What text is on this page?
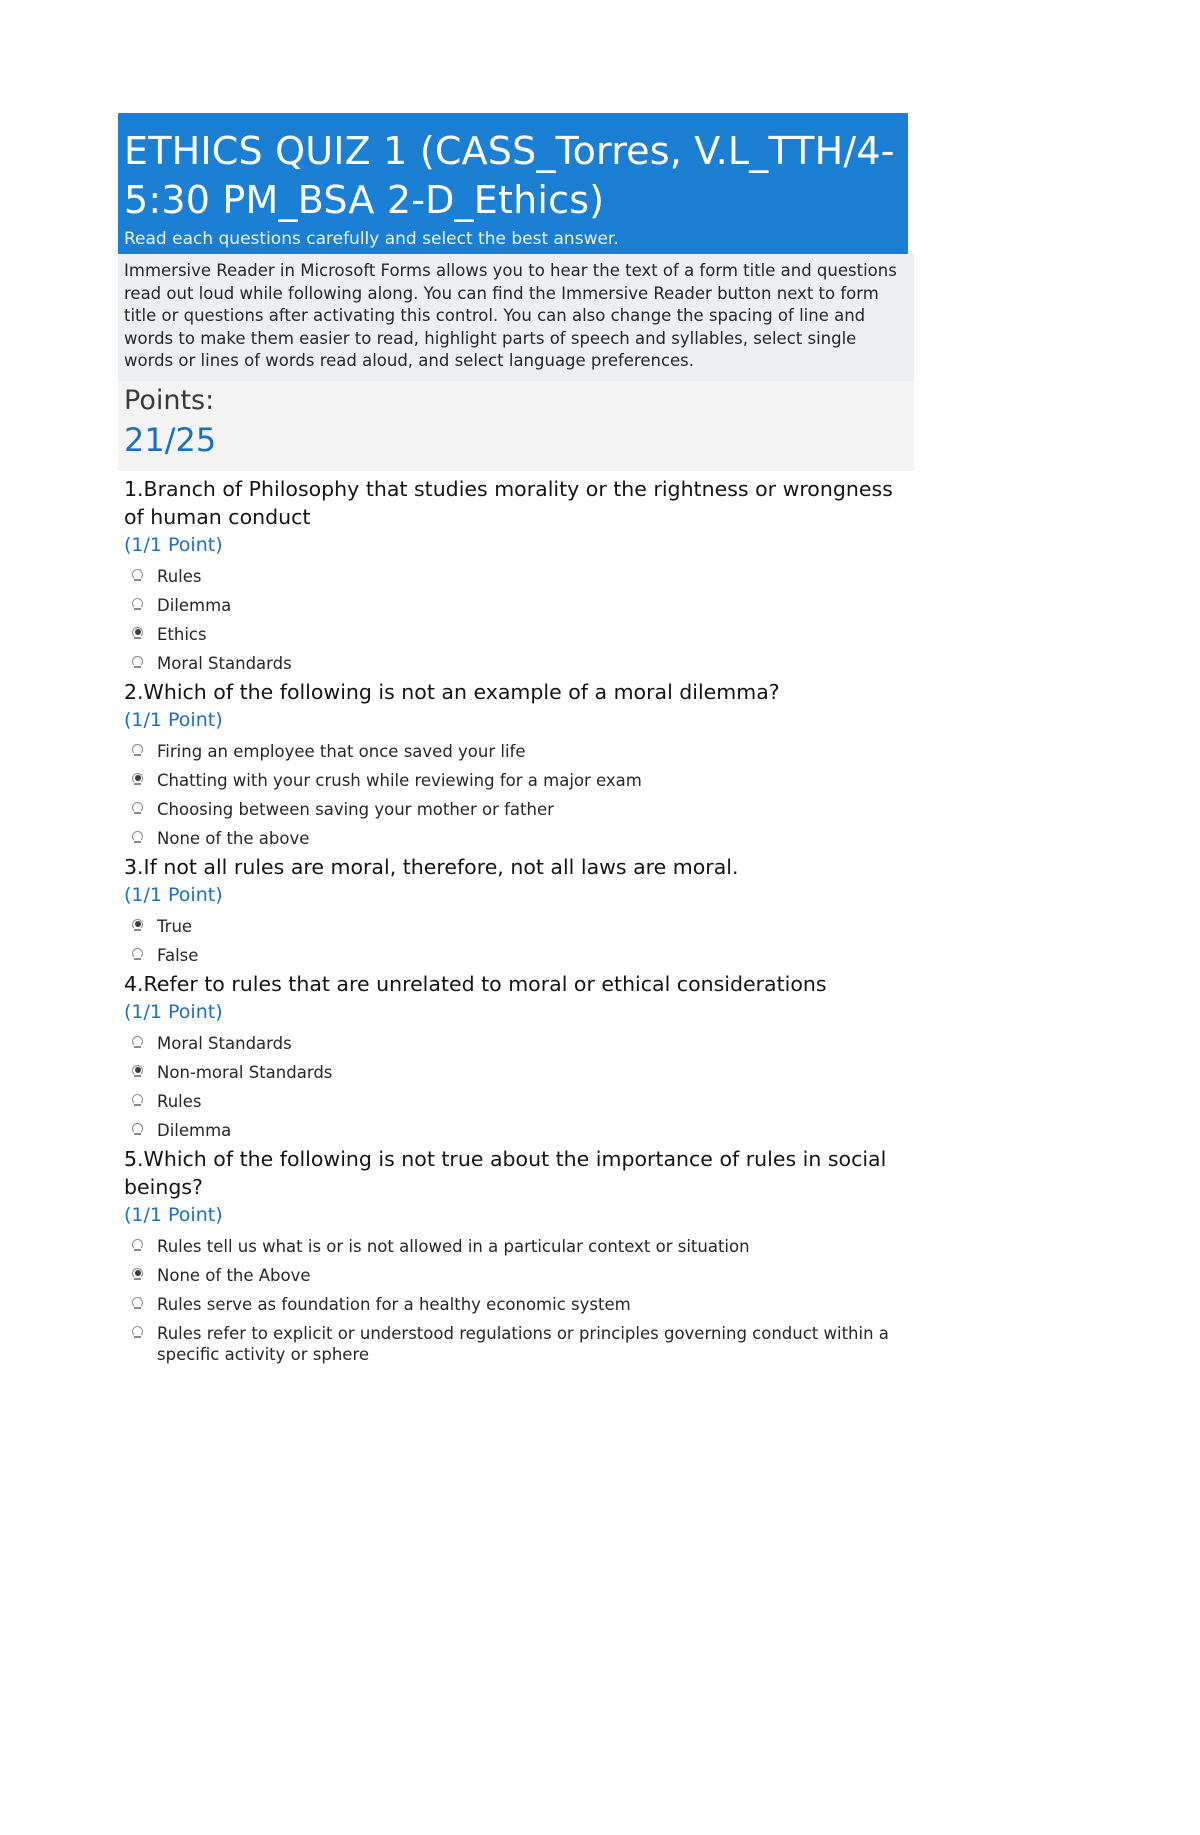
ETHICS QUIZ 1 (CASS_Torres, V.L_TTH/4-5:30 PM_BSA 2-D_Ethics)
Read each questions carefully and select the best answer.
Immersive Reader in Microsoft Forms allows you to hear the text of a form title and questions read out loud while following along. You can find the Immersive Reader button next to form title or questions after activating this control. You can also change the spacing of line and words to make them easier to read, highlight parts of speech and syllables, select single words or lines of words read aloud, and select language preferences.
Points:
21/25
1.Branch of Philosophy that studies morality or the rightness or wrongness of human conduct
(1/1 Point)
Rules
Dilemma
Ethics
Moral Standards
2.Which of the following is not an example of a moral dilemma?
(1/1 Point)
Firing an employee that once saved your life
Chatting with your crush while reviewing for a major exam
Choosing between saving your mother or father
None of the above
3.If not all rules are moral, therefore, not all laws are moral.
(1/1 Point)
True
False
4.Refer to rules that are unrelated to moral or ethical considerations
(1/1 Point)
Moral Standards
Non-moral Standards
Rules
Dilemma
5.Which of the following is not true about the importance of rules in social beings?
(1/1 Point)
Rules tell us what is or is not allowed in a particular context or situation
None of the Above
Rules serve as foundation for a healthy economic system
Rules refer to explicit or understood regulations or principles governing conduct within a specific activity or sphere
